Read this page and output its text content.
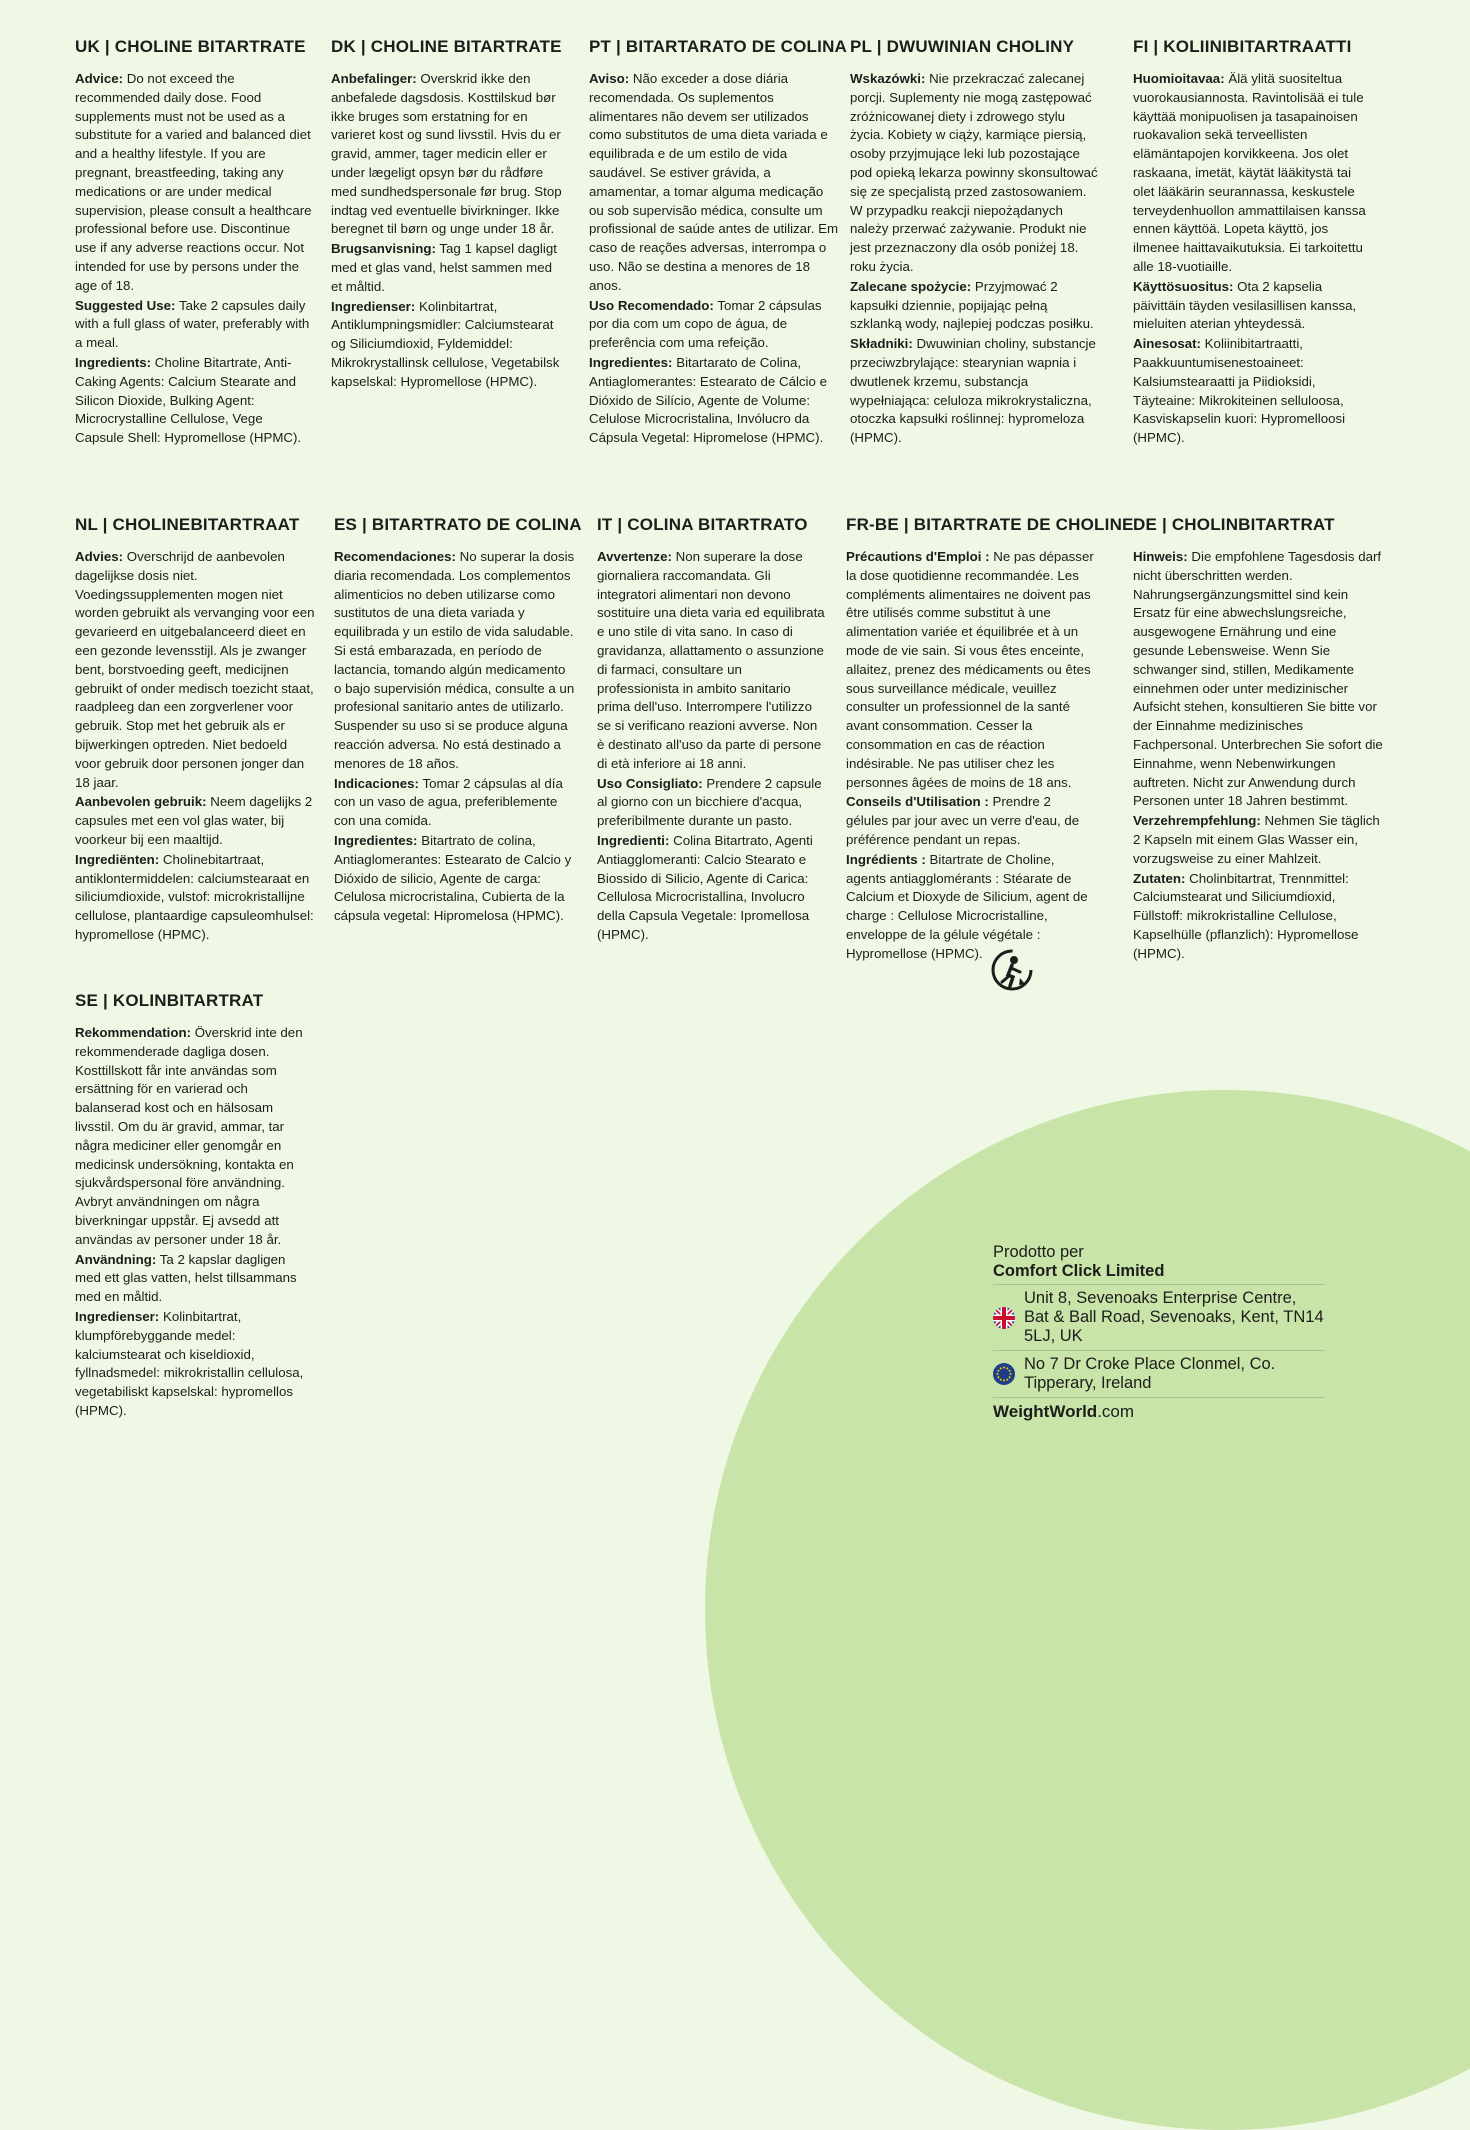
UK | CHOLINE BITARTRATE

Advice: Do not exceed the recommended daily dose. Food supplements must not be used as a substitute for a varied and balanced diet and a healthy lifestyle. If you are pregnant, breastfeeding, taking any medications or are under medical supervision, please consult a healthcare professional before use. Discontinue use if any adverse reactions occur. Not intended for use by persons under the age of 18.

Suggested Use: Take 2 capsules daily with a full glass of water, preferably with a meal.

Ingredients: Choline Bitartrate, Anti-Caking Agents: Calcium Stearate and Silicon Dioxide, Bulking Agent: Microcrystalline Cellulose, Vege Capsule Shell: Hypromellose (HPMC).

DK | CHOLINE BITARTRATE

Anbefalinger: Overskrid ikke den anbefalede dagsdosis. Kosttilskud bør ikke bruges som erstatning for en varieret kost og sund livsstil. Hvis du er gravid, ammer, tager medicin eller er under lægeligt opsyn bør du rådføre med sundhedspersonale før brug. Stop indtag ved eventuelle bivirkninger. Ikke beregnet til børn og unge under 18 år.

Brugsanvisning: Tag 1 kapsel dagligt med et glas vand, helst sammen med et måltid.

Ingredienser: Kolinbitartrat, Antiklumpningsmidler: Calciumstearat og Siliciumdioxid, Fyldemiddel: Mikrokrystallinsk cellulose, Vegetabilsk kapselskal: Hypromellose (HPMC).

PT | BITARTARATO DE COLINA

Aviso: Não exceder a dose diária recomendada. Os suplementos alimentares não devem ser utilizados como substitutos de uma dieta variada e equilibrada e de um estilo de vida saudável. Se estiver grávida, a amamentar, a tomar alguma medicação ou sob supervisão médica, consulte um profissional de saúde antes de utilizar. Em caso de reações adversas, interrompa o uso. Não se destina a menores de 18 anos.

Uso Recomendado: Tomar 2 cápsulas por dia com um copo de água, de preferência com uma refeição.

Ingredientes: Bitartarato de Colina, Antiaglomerantes: Estearato de Cálcio e Dióxido de Silício, Agente de Volume: Celulose Microcristalina, Invólucro da Cápsula Vegetal: Hipromelose (HPMC).

PL | DWUWINIAN CHOLINY

Wskazówki: Nie przekraczać zalecanej porcji. Suplementy nie mogą zastępować zróżnicowanej diety i zdrowego stylu życia. Kobiety w ciąży, karmiące piersią, osoby przyjmujące leki lub pozostające pod opieką lekarza powinny skonsultować się ze specjalistą przed zastosowaniem. W przypadku reakcji niepożądanych należy przerwać zażywanie. Produkt nie jest przeznaczony dla osób poniżej 18. roku życia.

Zalecane spożycie: Przyjmować 2 kapsułki dziennie, popijając pełną szklanką wody, najlepiej podczas posiłku.

Składniki: Dwuwinian choliny, substancje przeciwzbrylające: stearynian wapnia i dwutlenek krzemu, substancja wypełniająca: celuloza mikrokrystaliczna, otoczka kapsułki roślinnej: hypromeloza (HPMC).

FI | KOLIINIBITARTRAATTI

Huomioitavaa: Älä ylitä suositeltua vuorokausiannosta. Ravintolisää ei tule käyttää monipuolisen ja tasapainoisen ruokavalion sekä terveellisten elämäntapojen korvikkeena. Jos olet raskaana, imetät, käytät lääkitystä tai olet lääkärin seurannassa, keskustele terveydenhuollon ammattilaisen kanssa ennen käyttöä. Lopeta käyttö, jos ilmenee haittavaikutuksia. Ei tarkoitettu alle 18-vuotiaille.

Käyttösuositus: Ota 2 kapselia päivittäin täyden vesilasillisen kanssa, mieluiten aterian yhteydessä.

Ainesosat: Koliinibitartraatti, Paakkuuntumisenestoaineet: Kalsiumstearaatti ja Piidioksidi, Täyteaine: Mikrokiteinen selluloosa, Kasviskapselin kuori: Hypromelloosi (HPMC).

NL | CHOLINEBITARTRAAT

Advies: Overschrijd de aanbevolen dagelijkse dosis niet. Voedingssupplementen mogen niet worden gebruikt als vervanging voor een gevarieerd en uitgebalanceerd dieet en een gezonde levensstijl. Als je zwanger bent, borstvoeding geeft, medicijnen gebruikt of onder medisch toezicht staat, raadpleeg dan een zorgverlener voor gebruik. Stop met het gebruik als er bijwerkingen optreden. Niet bedoeld voor gebruik door personen jonger dan 18 jaar.

Aanbevolen gebruik: Neem dagelijks 2 capsules met een vol glas water, bij voorkeur bij een maaltijd.

Ingrediënten: Cholinebitartraat, antiklontermiddelen: calciumstearaat en siliciumdioxide, vulstof: microkristallijne cellulose, plantaardige capsuleomhulsel: hypromellose (HPMC).

ES | BITARTRATO DE COLINA

Recomendaciones: No superar la dosis diaria recomendada. Los complementos alimenticios no deben utilizarse como sustitutos de una dieta variada y equilibrada y un estilo de vida saludable. Si está embarazada, en período de lactancia, tomando algún medicamento o bajo supervisión médica, consulte a un profesional sanitario antes de utilizarlo. Suspender su uso si se produce alguna reacción adversa. No está destinado a menores de 18 años.

Indicaciones: Tomar 2 cápsulas al día con un vaso de agua, preferiblemente con una comida.

Ingredientes: Bitartrato de colina, Antiaglomerantes: Estearato de Calcio y Dióxido de silicio, Agente de carga: Celulosa microcristalina, Cubierta de la cápsula vegetal: Hipromelosa (HPMC).

IT | COLINA BITARTRATO

Avvertenze: Non superare la dose giornaliera raccomandata. Gli integratori alimentari non devono sostituire una dieta varia ed equilibrata e uno stile di vita sano. In caso di gravidanza, allattamento o assunzione di farmaci, consultare un professionista in ambito sanitario prima dell'uso. Interrompere l'utilizzo se si verificano reazioni avverse. Non è destinato all'uso da parte di persone di età inferiore ai 18 anni.

Uso Consigliato: Prendere 2 capsule al giorno con un bicchiere d'acqua, preferibilmente durante un pasto.

Ingredienti: Colina Bitartrato, Agenti Antiagglomeranti: Calcio Stearato e Biossido di Silicio, Agente di Carica: Cellulosa Microcristallina, Involucro della Capsula Vegetale: Ipromellosa (HPMC).

FR-BE | BITARTRATE DE CHOLINE

Précautions d'Emploi : Ne pas dépasser la dose quotidienne recommandée. Les compléments alimentaires ne doivent pas être utilisés comme substitut à une alimentation variée et équilibrée et à un mode de vie sain. Si vous êtes enceinte, allaitez, prenez des médicaments ou êtes sous surveillance médicale, veuillez consulter un professionnel de la santé avant consommation. Cesser la consommation en cas de réaction indésirable. Ne pas utiliser chez les personnes âgées de moins de 18 ans.

Conseils d'Utilisation : Prendre 2 gélules par jour avec un verre d'eau, de préférence pendant un repas.

Ingrédients : Bitartrate de Choline, agents antiagglomérants : Stéarate de Calcium et Dioxyde de Silicium, agent de charge : Cellulose Microcristalline, enveloppe de la gélule végétale : Hypromellose (HPMC).

DE | CHOLINBITARTRAT

Hinweis: Die empfohlene Tagesdosis darf nicht überschritten werden. Nahrungsergänzungsmittel sind kein Ersatz für eine abwechslungsreiche, ausgewogene Ernährung und eine gesunde Lebensweise. Wenn Sie schwanger sind, stillen, Medikamente einnehmen oder unter medizinischer Aufsicht stehen, konsultieren Sie bitte vor der Einnahme medizinisches Fachpersonal. Unterbrechen Sie sofort die Einnahme, wenn Nebenwirkungen auftreten. Nicht zur Anwendung durch Personen unter 18 Jahren bestimmt.

Verzehrempfehlung: Nehmen Sie täglich 2 Kapseln mit einem Glas Wasser ein, vorzugsweise zu einer Mahlzeit.

Zutaten: Cholinbitartrat, Trennmittel: Calciumstearat und Siliciumdioxid, Füllstoff: mikrokristalline Cellulose, Kapselhülle (pflanzlich): Hypromellose (HPMC).

SE | KOLINBITARTRAT

Rekommendation: Överskrid inte den rekommenderade dagliga dosen. Kosttillskott får inte användas som ersättning för en varierad och balanserad kost och en hälsosam livsstil. Om du är gravid, ammar, tar några mediciner eller genomgår en medicinsk undersökning, kontakta en sjukvårdspersonal före användning. Avbryt användningen om några biverkningar uppstår. Ej avsedd att användas av personer under 18 år.

Användning: Ta 2 kapslar dagligen med ett glas vatten, helst tillsammans med en måltid.

Ingredienser: Kolinbitartrat, klumpförebyggande medel: kalciumstearat och kiseldioxid, fyllnadsmedel: mikrokristallin cellulosa, vegetabiliskt kapselskal: hypromellos (HPMC).

Prodotto per

Comfort Click Limited

Unit 8, Sevenoaks Enterprise Centre, Bat & Ball Road, Sevenoaks, Kent, TN14 5LJ, UK
No 7 Dr Croke Place Clonmel, Co. Tipperary, Ireland
WeightWorld.com
